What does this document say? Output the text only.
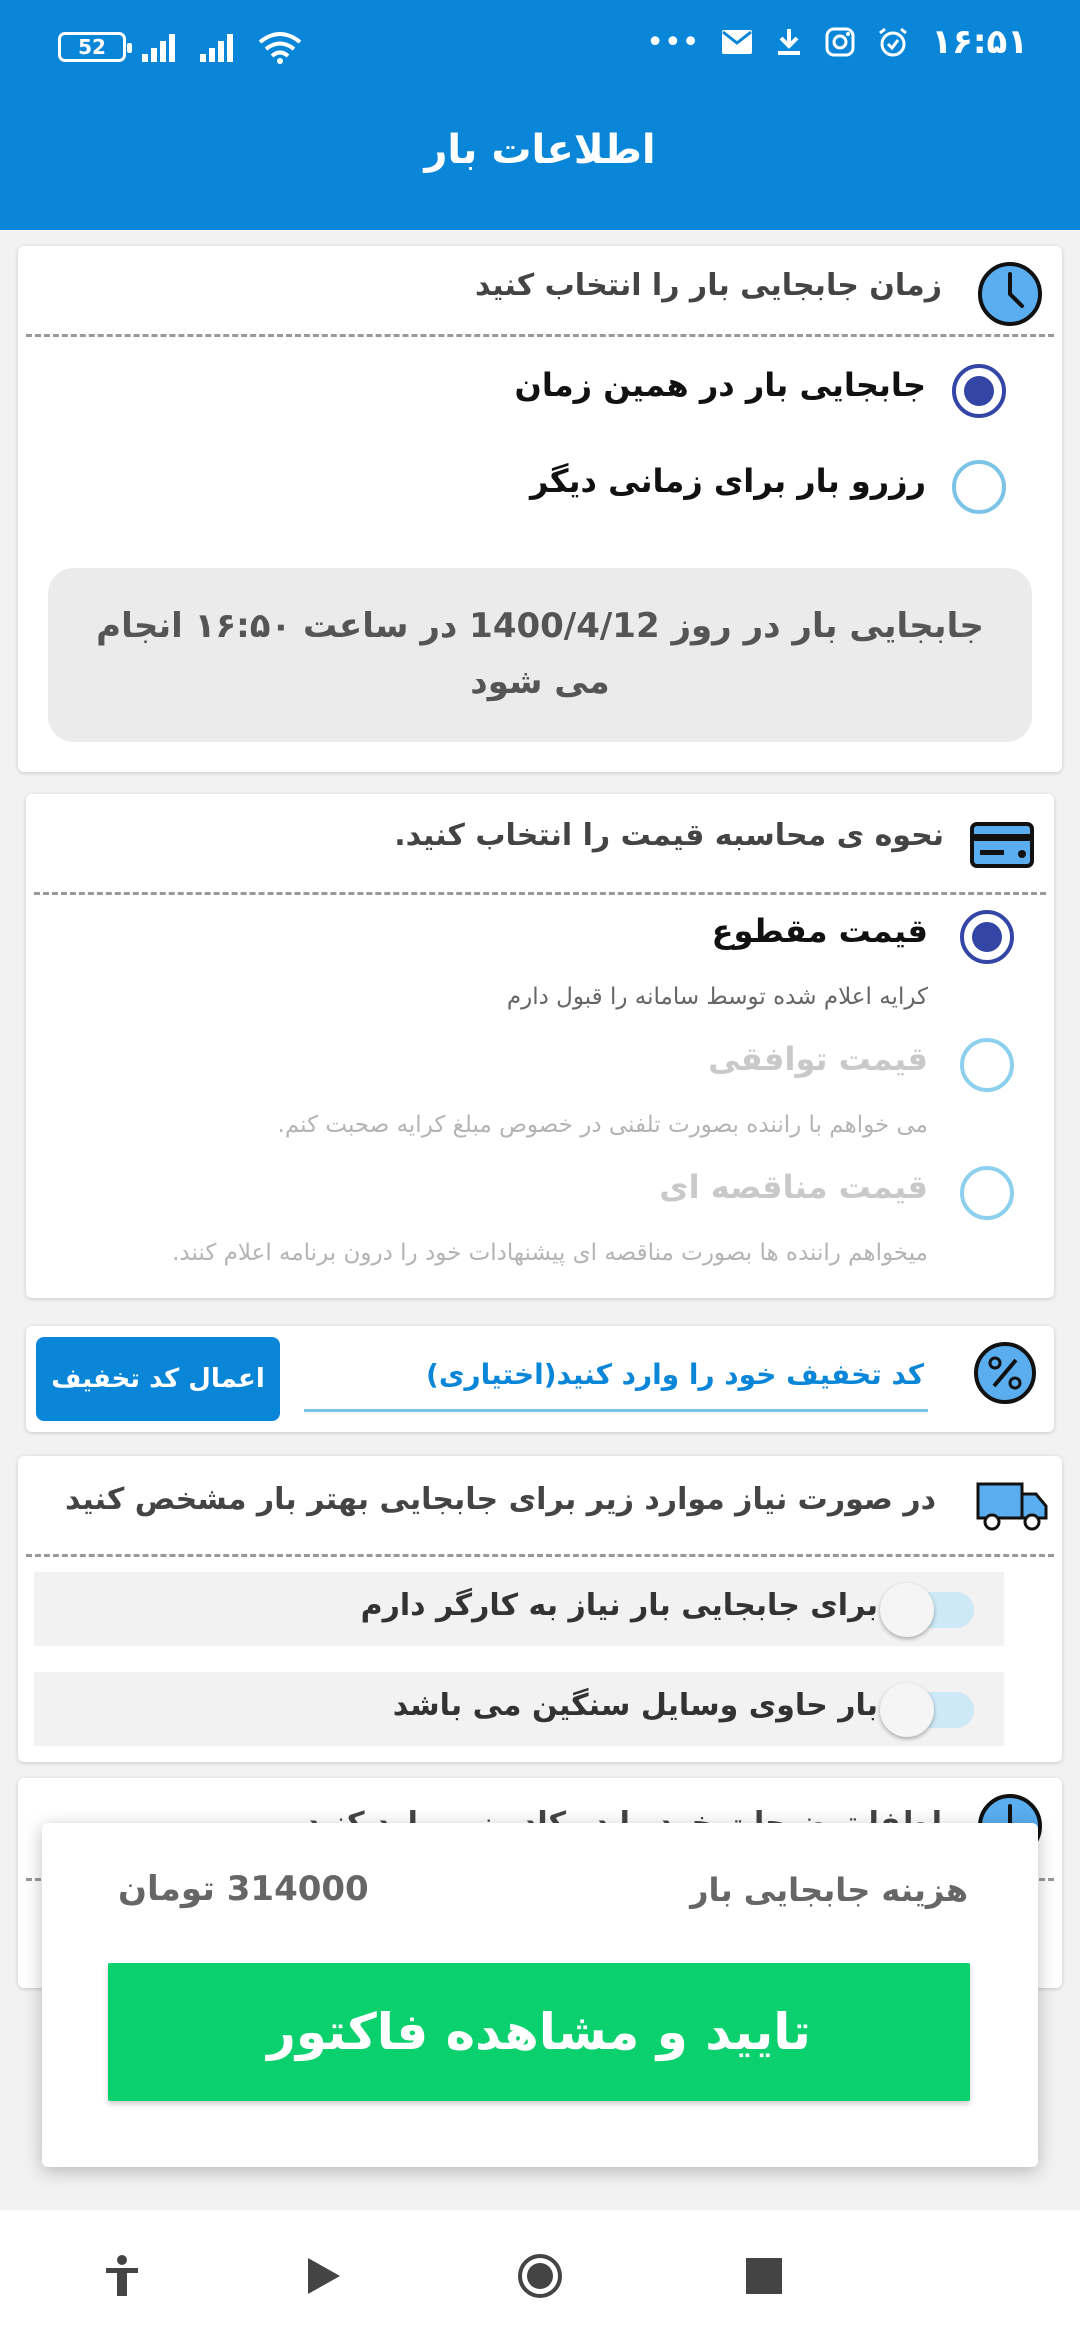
52	•••	۱۶:۵۱
اطلاعات بار
زمان جابجایی بار را انتخاب کنید
جابجایی بار در همین زمان
رزرو بار برای زمانی دیگر
جابجایی بار در روز 1400/4/12 در ساعت ۱۶:۵۰ انجام می شود
نحوه ی محاسبه قیمت را انتخاب کنید.
قیمت مقطوع
کرایه اعلام شده توسط سامانه را قبول دارم
قیمت توافقی
می خواهم با راننده بصورت تلفنی در خصوص مبلغ کرایه صحبت کنم.
قیمت مناقصه ای
میخواهم راننده ها بصورت مناقصه ای پیشنهادات خود را درون برنامه اعلام کنند.
کد تخفیف خود را وارد کنید(اختیاری)
اعمال کد تخفیف
در صورت نیاز موارد زیر برای جابجایی بهتر بار مشخص کنید
برای جابجایی بار نیاز به کارگر دارم
بار حاوی وسایل سنگین می باشد
هزینه جابجایی بار
314000 تومان
تایید و مشاهده فاکتور
